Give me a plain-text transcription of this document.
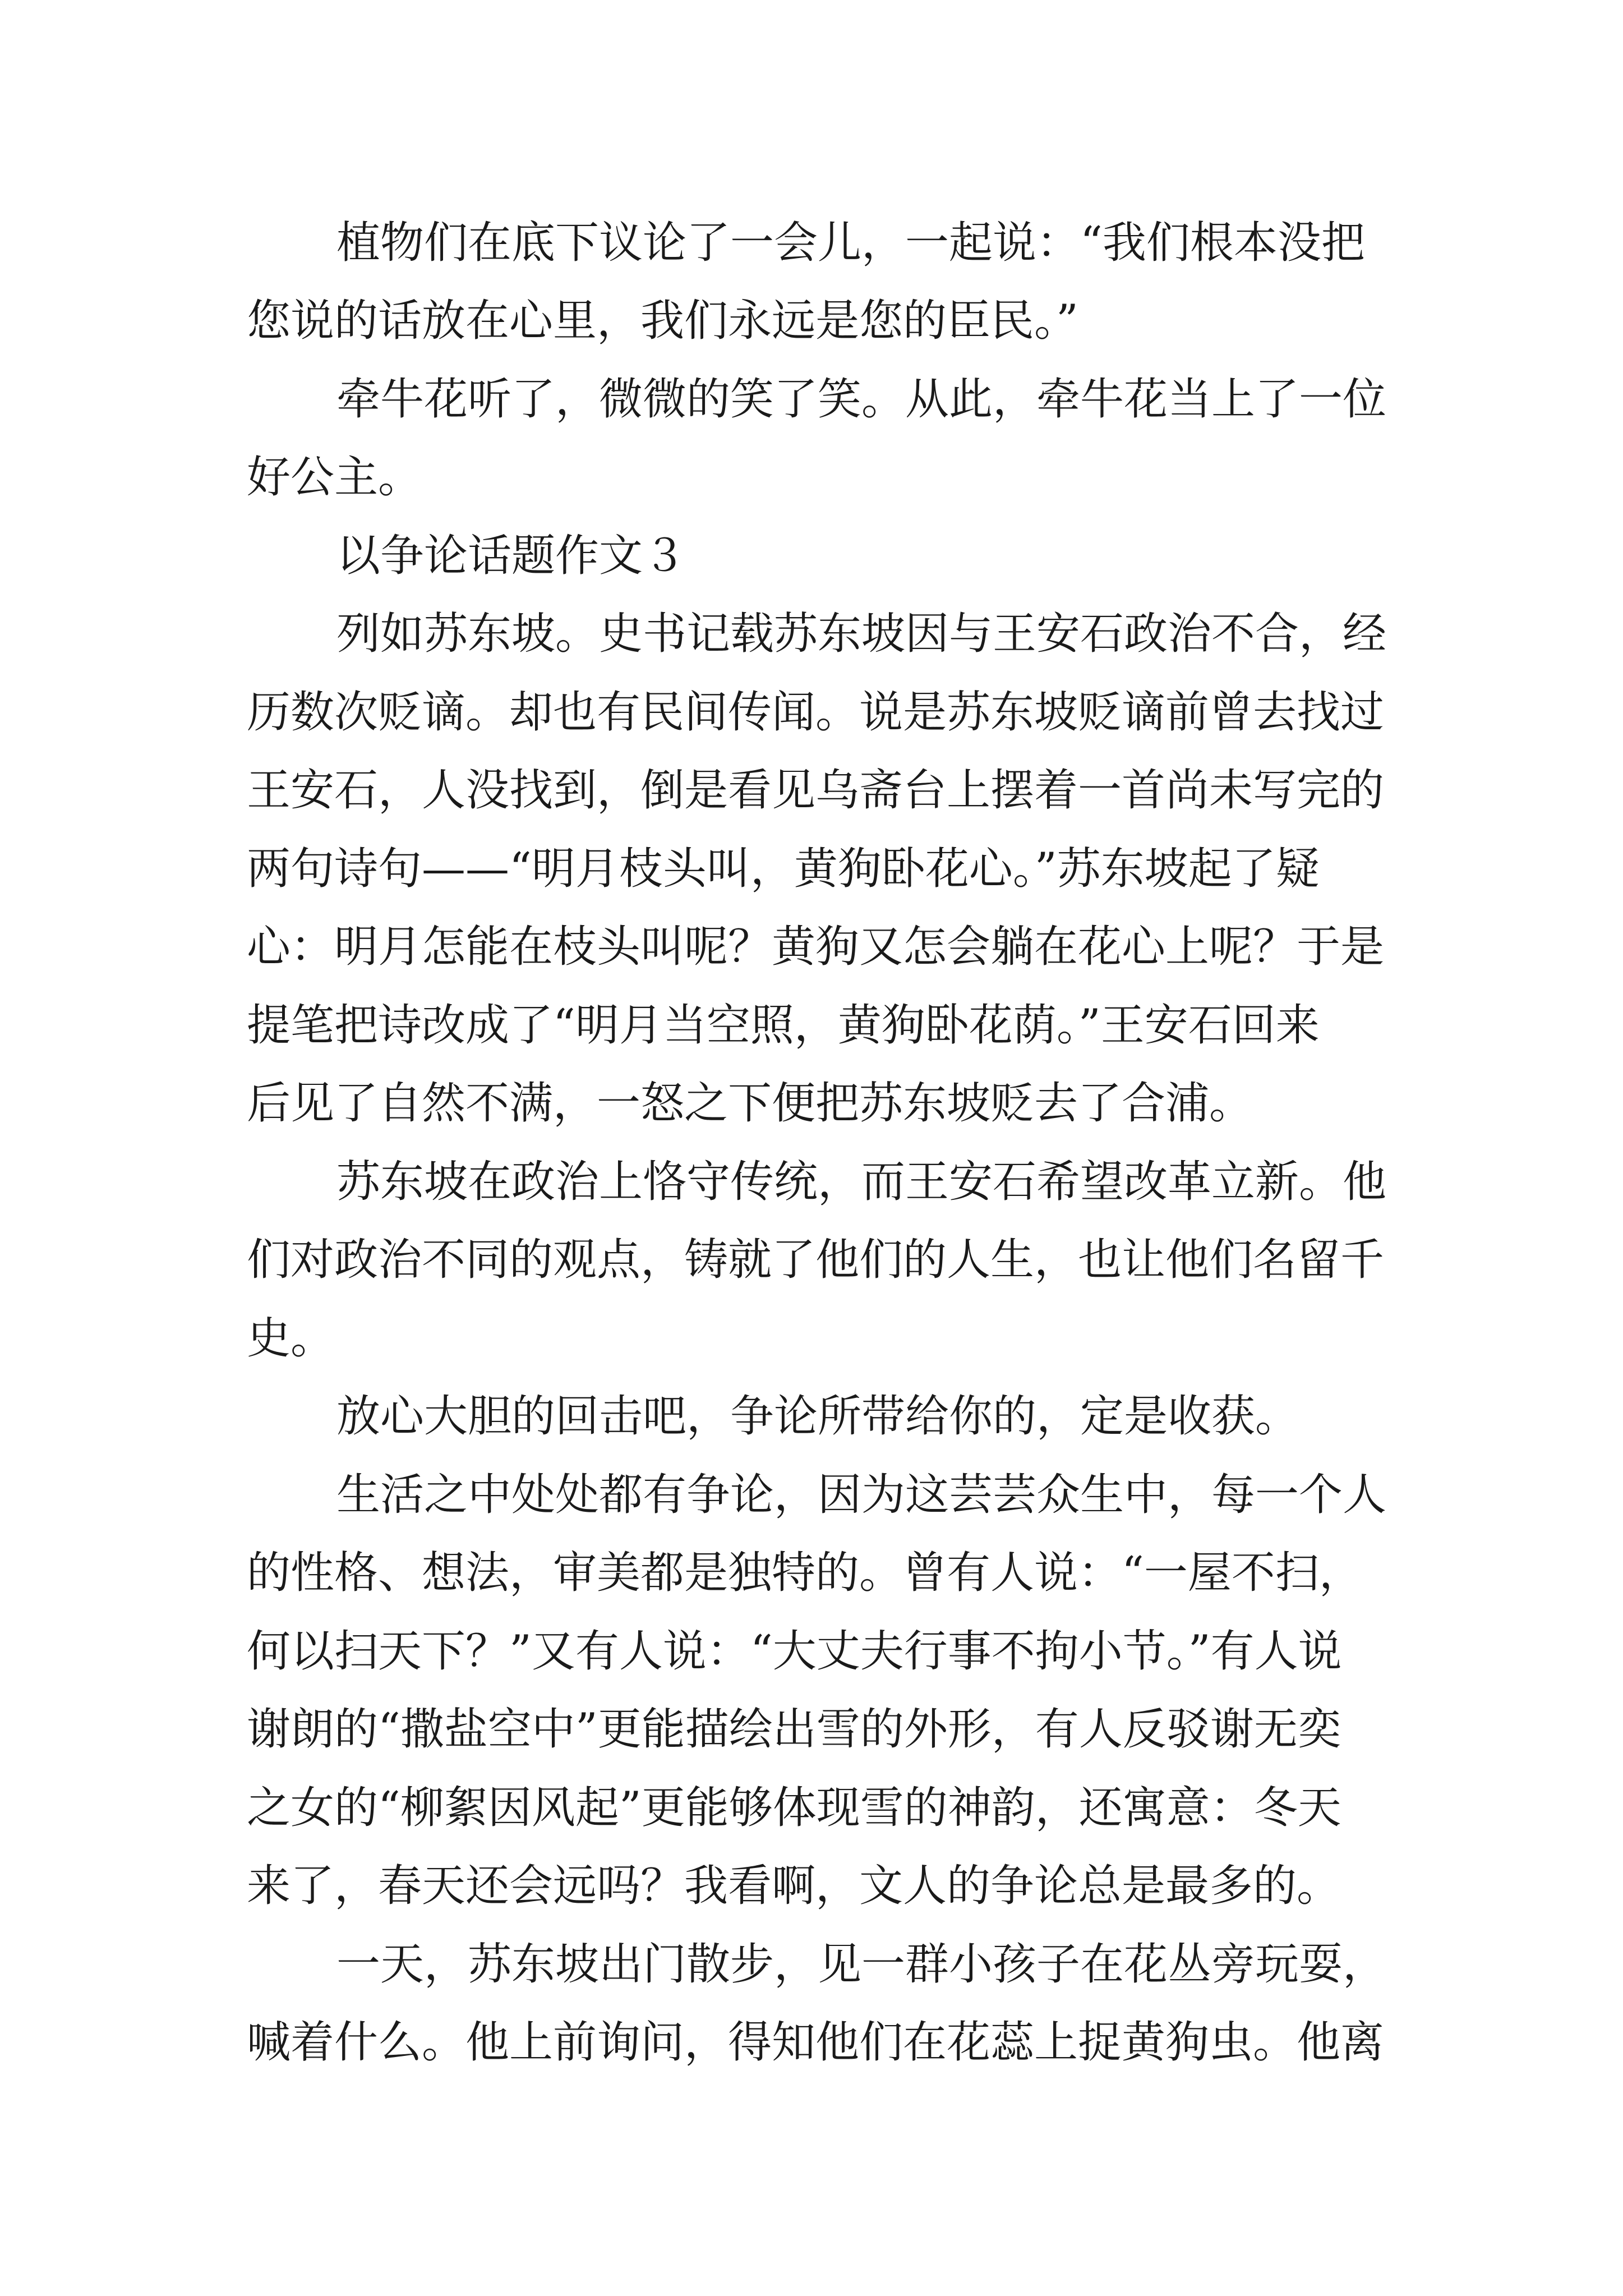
植物们在底下议论了一会儿，一起说：“我们根本没把
您说的话放在心里，我们永远是您的臣民。”
牵牛花听了，微微的笑了笑。从此，牵牛花当上了一位
好公主。
以争论话题作文３
列如苏东坡。史书记载苏东坡因与王安石政治不合，经
历数次贬谪。却也有民间传闻。说是苏东坡贬谪前曾去找过
王安石，人没找到，倒是看见乌斋台上摆着一首尚未写完的
两句诗句——“明月枝头叫，黄狗卧花心。”苏东坡起了疑
心：明月怎能在枝头叫呢？黄狗又怎会躺在花心上呢？于是
提笔把诗改成了“明月当空照，黄狗卧花荫。”王安石回来
后见了自然不满，一怒之下便把苏东坡贬去了合浦。
苏东坡在政治上恪守传统，而王安石希望改革立新。他
们对政治不同的观点，铸就了他们的人生，也让他们名留千
史。
放心大胆的回击吧，争论所带给你的，定是收获。
生活之中处处都有争论，因为这芸芸众生中，每一个人
的性格、想法，审美都是独特的。曾有人说：“一屋不扫，
何以扫天下？”又有人说：“大丈夫行事不拘小节。”有人说
谢朗的“撒盐空中”更能描绘出雪的外形，有人反驳谢无奕
之女的“柳絮因风起”更能够体现雪的神韵，还寓意：冬天
来了，春天还会远吗？我看啊，文人的争论总是最多的。
一天，苏东坡出门散步，见一群小孩子在花丛旁玩耍，
喊着什么。他上前询问，得知他们在花蕊上捉黄狗虫。他离
